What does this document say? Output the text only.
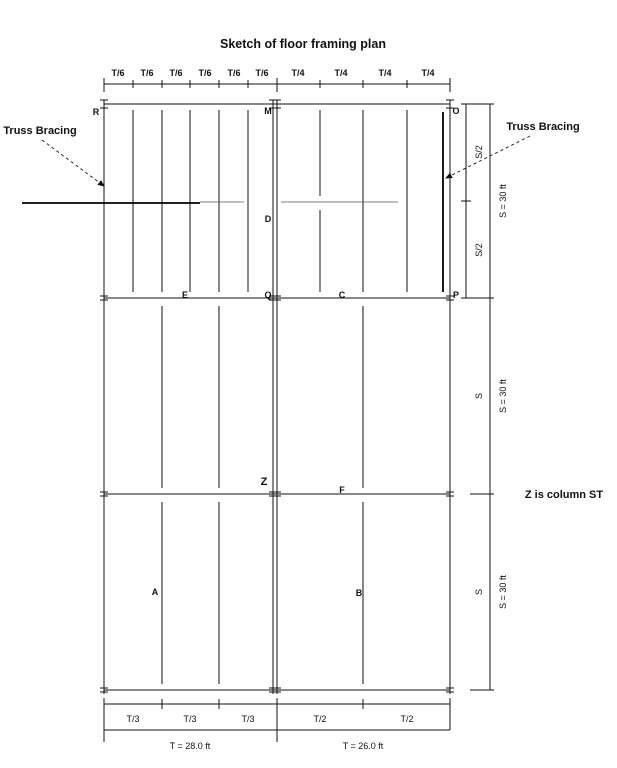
Sketch of floor framing plan
T/6 T/6 T/6 T/6 T/6 T/6	T/4	T/4	T/4	T/4
R	M	O
D
E	Q	C	P
Z
F
A	B
Truss Bracing	Truss Bracing
Z is column ST
S/2
S/2
S
S
S = 30 ft
S = 30 ft
S = 30 ft
T/3	T/3	T/3	T/2	T/2
T = 28.0 ft	T = 26.0 ft
